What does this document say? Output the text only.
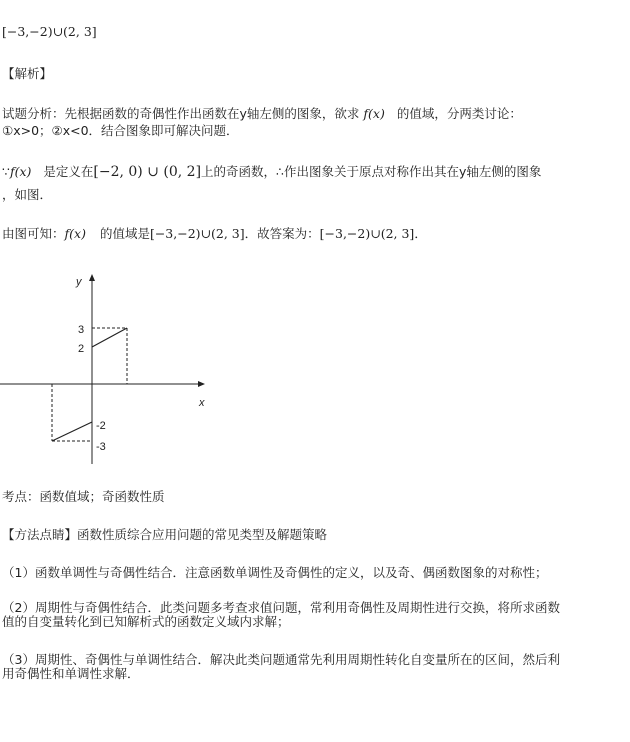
[−3,−2)∪(2, 3]
【解析】
试题分析：先根据函数的奇偶性作出函数在y轴左侧的图象，欲求 f(x) 的值域，分两类讨论：
①x>0；②x<0．结合图象即可解决问题．
∵f(x) 是定义在[−2, 0) ∪ (0, 2]上的奇函数，∴作出图象关于原点对称作出其在y轴左侧的图象
，如图．
由图可知：f(x) 的值域是[−3,−2)∪(2, 3]．故答案为：[−3,−2)∪(2, 3]．
y
x
3
2
-2
-3
考点：函数值域；奇函数性质
【方法点睛】函数性质综合应用问题的常见类型及解题策略
（1）函数单调性与奇偶性结合．注意函数单调性及奇偶性的定义，以及奇、偶函数图象的对称性；
（2）周期性与奇偶性结合．此类问题多考查求值问题，常利用奇偶性及周期性进行交换，将所求函数
值的自变量转化到已知解析式的函数定义域内求解；
（3）周期性、奇偶性与单调性结合．解决此类问题通常先利用周期性转化自变量所在的区间，然后利
用奇偶性和单调性求解．
